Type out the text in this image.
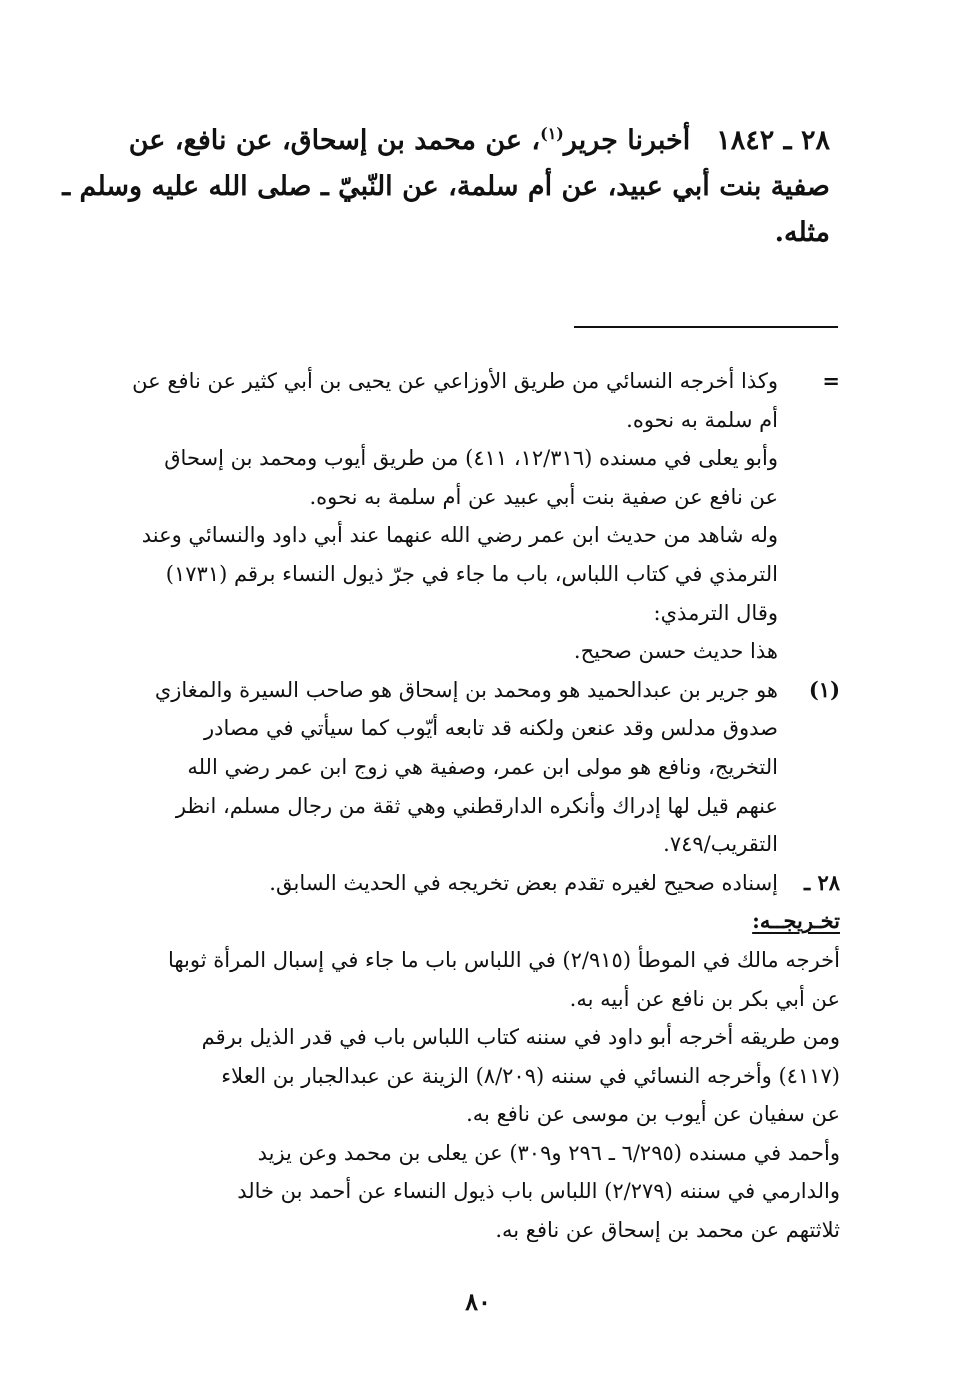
٢٨ ـ ١٨٤٢أخبرنا جرير$^{(١)}$، عن محمد بن إسحاق، عن نافع، عن
صفية بنت أبي عبيد، عن أم سلمة، عن النّبيّ ـ صلى الله عليه وسلم ـ
مثله.
=
وكذا أخرجه النسائي من طريق الأوزاعي عن يحيى بن أبي كثير عن نافع عن
أم سلمة به نحوه.
وأبو يعلى في مسنده (١٢/٣١٦، ٤١١) من طريق أيوب ومحمد بن إسحاق
عن نافع عن صفية بنت أبي عبيد عن أم سلمة به نحوه.
وله شاهد من حديث ابن عمر رضي الله عنهما عند أبي داود والنسائي وعند
الترمذي في كتاب اللباس، باب ما جاء في جرّ ذيول النساء برقم (١٧٣١)
وقال الترمذي:
هذا حديث حسن صحيح.
(١)
هو جرير بن عبدالحميد هو ومحمد بن إسحاق هو صاحب السيرة والمغازي
صدوق مدلس وقد عنعن ولكنه قد تابعه أيّوب كما سيأتي في مصادر
التخريج، ونافع هو مولى ابن عمر، وصفية هي زوج ابن عمر رضي الله
عنهم قيل لها إدراك وأنكره الدارقطني وهي ثقة من رجال مسلم، انظر
التقريب/٧٤٩.
٢٨ ـ
إسناده صحيح لغيره تقدم بعض تخريجه في الحديث السابق.
تخـريجــه:
أخرجه مالك في الموطأ (٢/٩١٥) في اللباس باب ما جاء في إسبال المرأة ثوبها
عن أبي بكر بن نافع عن أبيه به.
ومن طريقه أخرجه أبو داود في سننه كتاب اللباس باب في قدر الذيل برقم
(٤١١٧) وأخرجه النسائي في سننه (٨/٢٠٩) الزينة عن عبدالجبار بن العلاء
عن سفيان عن أيوب بن موسى عن نافع به.
وأحمد في مسنده (٦/٢٩٥ ـ ٢٩٦ و٣٠٩) عن يعلى بن محمد وعن يزيد
والدارمي في سننه (٢/٢٧٩) اللباس باب ذيول النساء عن أحمد بن خالد
ثلاثتهم عن محمد بن إسحاق عن نافع به.
٨٠
